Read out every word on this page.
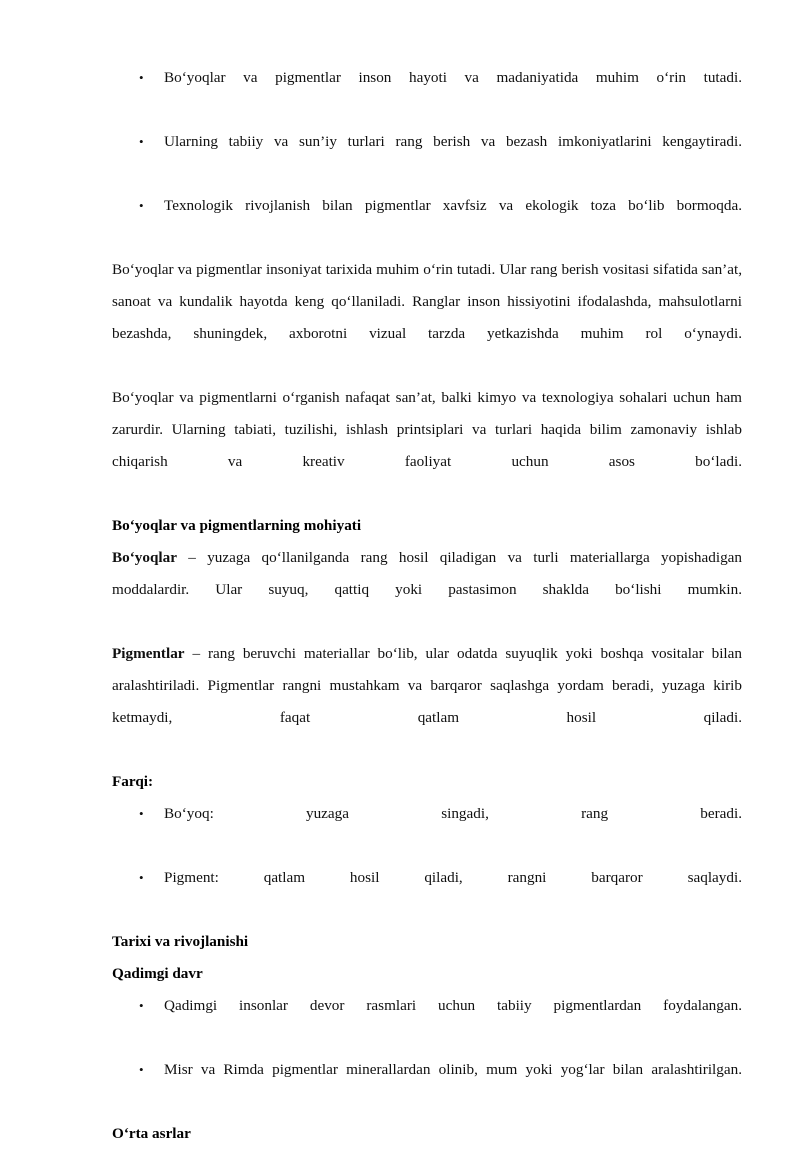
•	Boʻyoqlar va pigmentlar inson hayoti va madaniyatida muhim oʻrin tutadi.
•	Ularning tabiiy va sun’iy turlari rang berish va bezash imkoniyatlarini kengaytiradi.
•	Texnologik rivojlanish bilan pigmentlar xavfsiz va ekologik toza boʻlib bormoqda.

Boʻyoqlar va pigmentlar insoniyat tarixida muhim oʻrin tutadi. Ular rang berish vositasi sifatida san’at, sanoat va kundalik hayotda keng qoʻllaniladi. Ranglar inson hissiyotini ifodalashda, mahsulotlarni bezashda, shuningdek, axborotni vizual tarzda yetkazishda muhim rol oʻynaydi.

Boʻyoqlar va pigmentlarni oʻrganish nafaqat san’at, balki kimyo va texnologiya sohalari uchun ham zarurdir. Ularning tabiati, tuzilishi, ishlash printsiplari va turlari haqida bilim zamonaviy ishlab chiqarish va kreativ faoliyat uchun asos boʻladi.

Boʻyoqlar va pigmentlarning mohiyati

Boʻyoqlar – yuzaga qoʻllanilganda rang hosil qiladigan va turli materiallarga yopishadigan moddalardir. Ular suyuq, qattiq yoki pastasimon shaklda boʻlishi mumkin.

Pigmentlar – rang beruvchi materiallar boʻlib, ular odatda suyuqlik yoki boshqa vositalar bilan aralashtiriladi. Pigmentlar rangni mustahkam va barqaror saqlashga yordam beradi, yuzaga kirib ketmaydi, faqat qatlam hosil qiladi.

Farqi:

•	Boʻyoq: yuzaga singadi, rang beradi.
•	Pigment: qatlam hosil qiladi, rangni barqaror saqlaydi.

Tarixi va rivojlanishi

Qadimgi davr

•	Qadimgi insonlar devor rasmlari uchun tabiiy pigmentlardan foydalangan.
•	Misr va Rimda pigmentlar minerallardan olinib, mum yoki yogʻlar bilan aralashtirilgan.

Oʻrta asrlar
